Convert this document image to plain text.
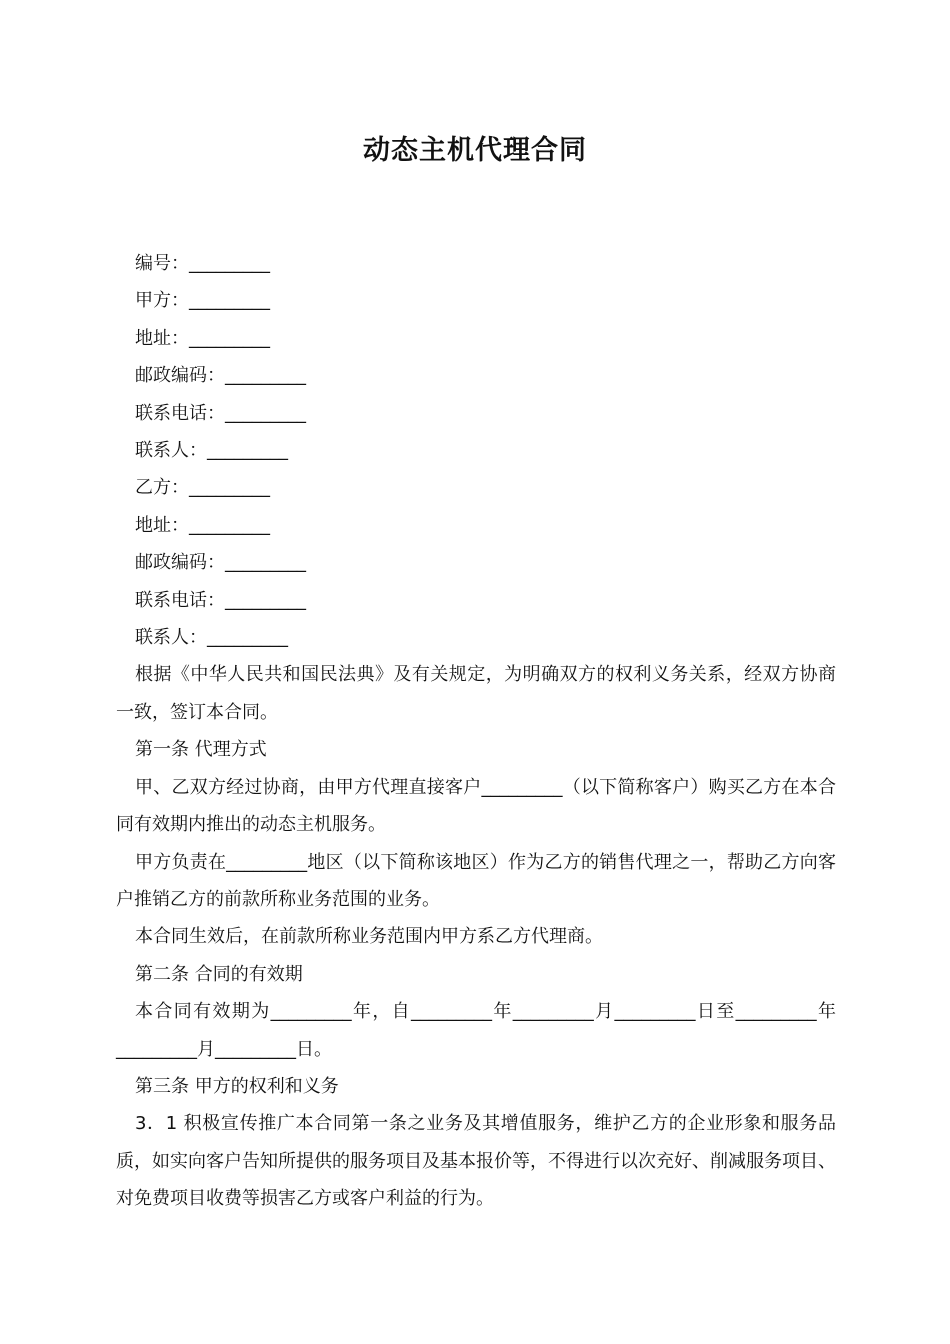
动态主机代理合同
编号：_________
甲方：_________
地址：_________
邮政编码：_________
联系电话：_________
联系人：_________
乙方：_________
地址：_________
邮政编码：_________
联系电话：_________
联系人：_________

根据《中华人民共和国民法典》及有关规定，为明确双方的权利义务关系，经双方协商一致，签订本合同。

第一条 代理方式

甲、乙双方经过协商，由甲方代理直接客户_________（以下简称客户）购买乙方在本合同有效期内推出的动态主机服务。

甲方负责在_________地区（以下简称该地区）作为乙方的销售代理之一，帮助乙方向客户推销乙方的前款所称业务范围的业务。

本合同生效后，在前款所称业务范围内甲方系乙方代理商。

第二条 合同的有效期

本合同有效期为_________年，自_________年_________月_________日至_________年_________月_________日。

第三条 甲方的权利和义务

3．1 积极宣传推广本合同第一条之业务及其增值服务，维护乙方的企业形象和服务品质，如实向客户告知所提供的服务项目及基本报价等，不得进行以次充好、削减服务项目、对免费项目收费等损害乙方或客户利益的行为。
